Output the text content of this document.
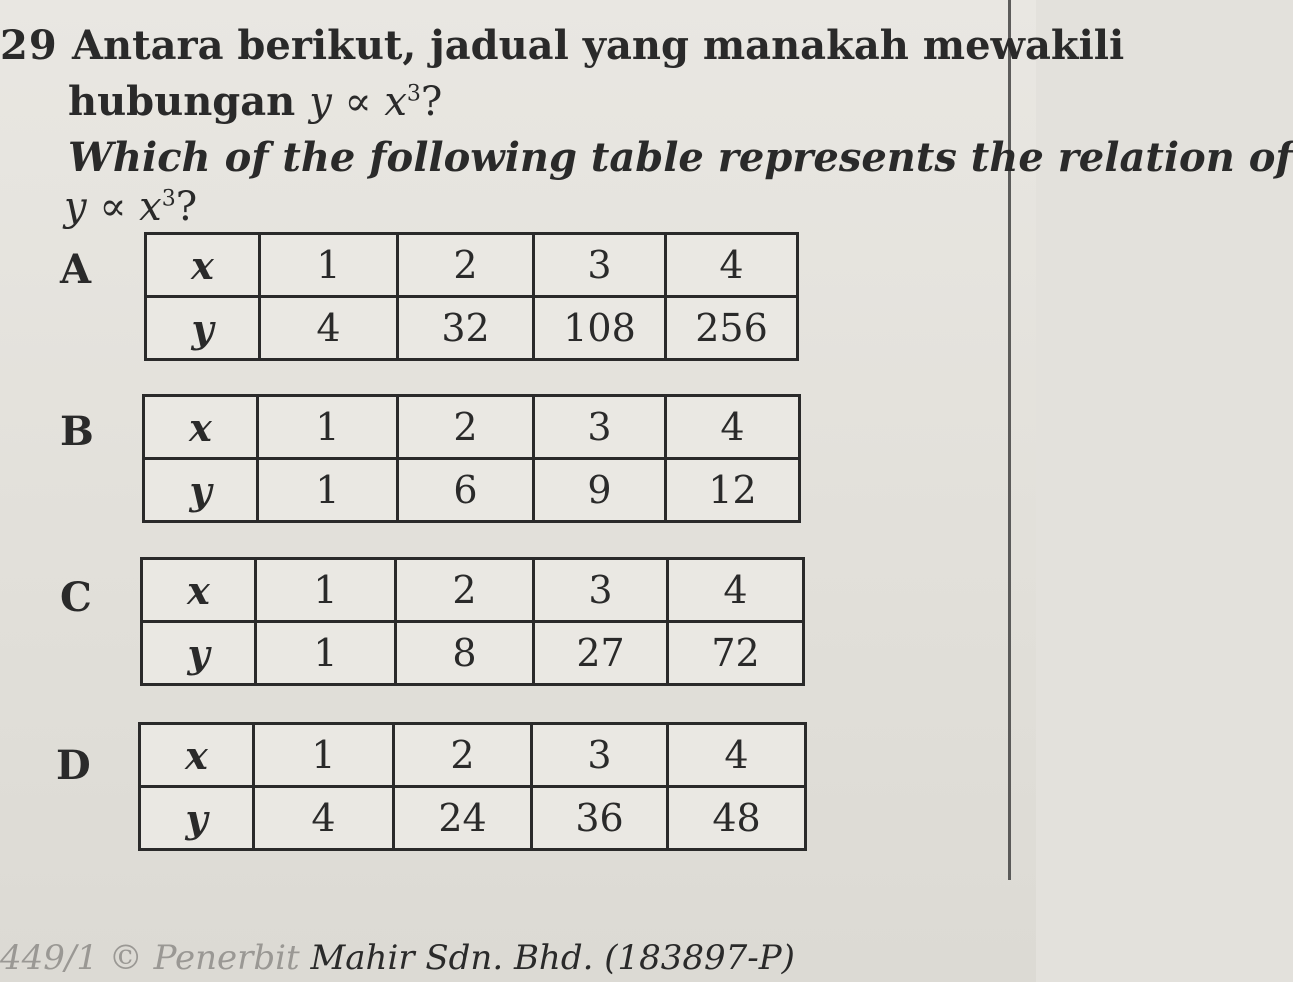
29 Antara berikut, jadual yang manakah mewakili
hubungan $y \propto x^3$?
Which of the following table represents the relation of
$y \propto x^3$?
A	x	1	2	3	4
y	4	32	108	256
B	x	1	2	3	4
y	1	6	9	12
C	x	1	2	3	4
y	1	8	27	72
D x	1	2	3	4
y	4	24	36	48
449/1 © Penerbit Mahir Sdn. Bhd. (183897-P)
